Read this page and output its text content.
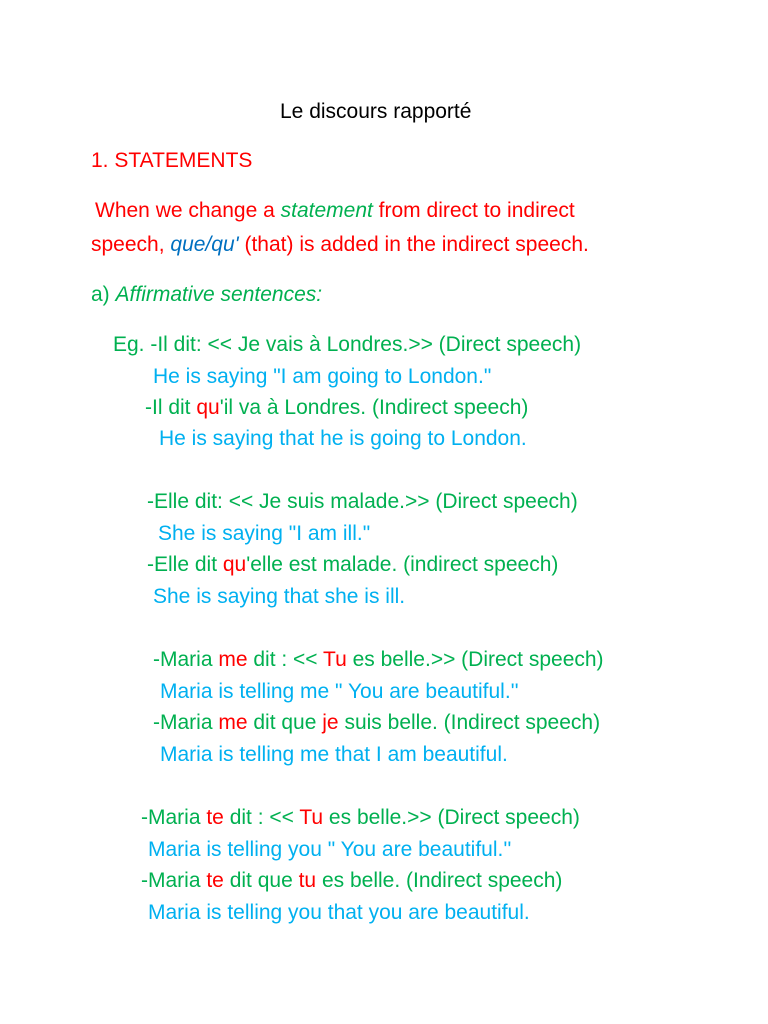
Le discours rapporté
1. STATEMENTS
When we change a statement from direct to indirect
speech, que/qu' (that) is added in the indirect speech.
a) Affirmative sentences:
Eg. -Il dit: << Je vais à Londres.>> (Direct speech)
He is saying "I am going to London."
-Il dit qu'il va à Londres. (Indirect speech)
He is saying that he is going to London.
-Elle dit: << Je suis malade.>> (Direct speech)
She is saying "I am ill."
-Elle dit qu'elle est malade. (indirect speech)
She is saying that she is ill.
-Maria me dit : << Tu es belle.>> (Direct speech)
Maria is telling me " You are beautiful.''
-Maria me dit que je suis belle. (Indirect speech)
Maria is telling me that I am beautiful.
-Maria te dit : << Tu es belle.>> (Direct speech)
Maria is telling you " You are beautiful.''
-Maria te dit que tu es belle. (Indirect speech)
Maria is telling you that you are beautiful.
